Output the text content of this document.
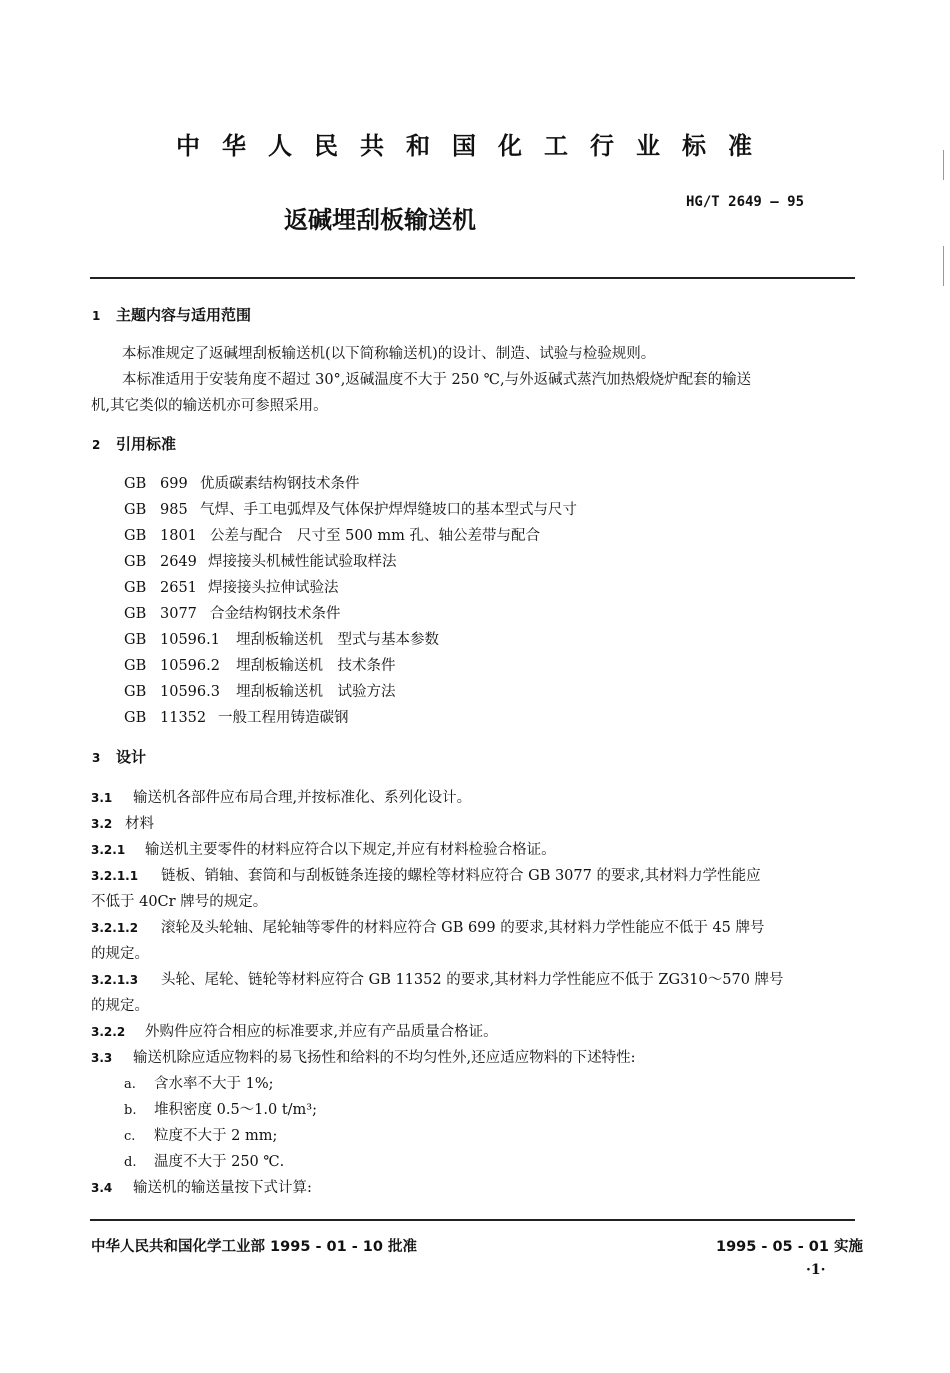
中华人民共和国化工行业标准
返碱埋刮板输送机
HG/T 2649 — 95
1 主题内容与适用范围
本标准规定了返碱埋刮板输送机(以下简称输送机)的设计、制造、试验与检验规则。
本标准适用于安装角度不超过 30°,返碱温度不大于 250 ℃,与外返碱式蒸汽加热煅烧炉配套的输送
机,其它类似的输送机亦可参照采用。
2 引用标准
GB 699 优质碳素结构钢技术条件
GB 985 气焊、手工电弧焊及气体保护焊焊缝坡口的基本型式与尺寸
GB 1801 公差与配合　尺寸至 500 mm 孔、轴公差带与配合
GB 2649 焊接接头机械性能试验取样法
GB 2651 焊接接头拉伸试验法
GB 3077 合金结构钢技术条件
GB 10596.1 埋刮板输送机　型式与基本参数
GB 10596.2 埋刮板输送机　技术条件
GB 10596.3 埋刮板输送机　试验方法
GB 11352 一般工程用铸造碳钢
3 设计
3.1 输送机各部件应布局合理,并按标准化、系列化设计。
3.2 材料
3.2.1 输送机主要零件的材料应符合以下规定,并应有材料检验合格证。
3.2.1.1 链板、销轴、套筒和与刮板链条连接的螺栓等材料应符合 GB 3077 的要求,其材料力学性能应
不低于 40Cr 牌号的规定。
3.2.1.2 滚轮及头轮轴、尾轮轴等零件的材料应符合 GB 699 的要求,其材料力学性能应不低于 45 牌号
的规定。
3.2.1.3 头轮、尾轮、链轮等材料应符合 GB 11352 的要求,其材料力学性能应不低于 ZG310～570 牌号
的规定。
3.2.2 外购件应符合相应的标准要求,并应有产品质量合格证。
3.3 输送机除应适应物料的易飞扬性和给料的不均匀性外,还应适应物料的下述特性:
a. 含水率不大于 1%;
b. 堆积密度 0.5～1.0 t/m³;
c. 粒度不大于 2 mm;
d. 温度不大于 250 ℃.
3.4 输送机的输送量按下式计算:
中华人民共和国化学工业部 1995 - 01 - 10 批准	1995 - 05 - 01 实施
·1·
